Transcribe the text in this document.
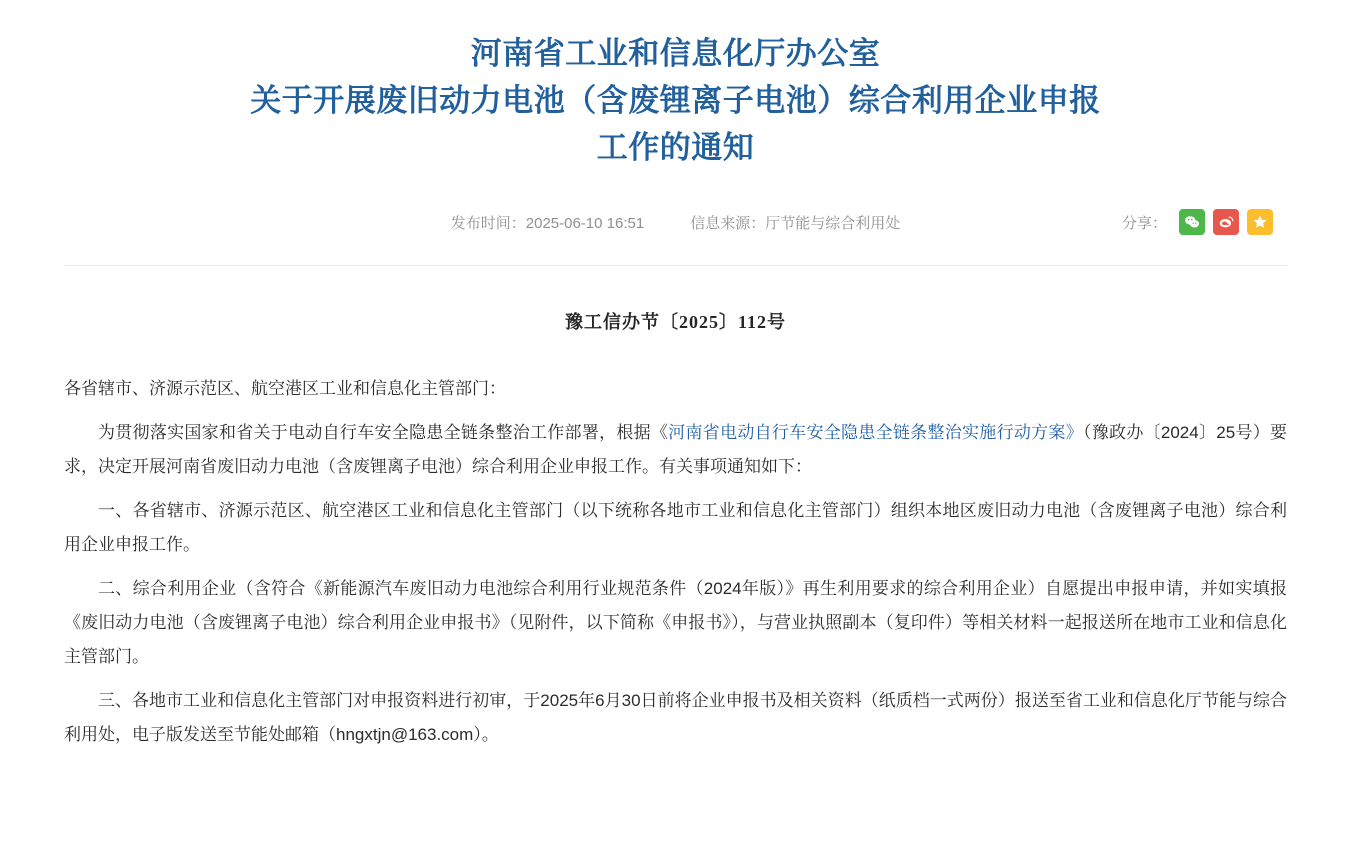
河南省工业和信息化厅办公室
关于开展废旧动力电池（含废锂离子电池）综合利用企业申报
工作的通知
发布时间：2025-06-10 16:51	信息来源：厅节能与综合利用处	分享：
豫工信办节〔2025〕112号

各省辖市、济源示范区、航空港区工业和信息化主管部门：

为贯彻落实国家和省关于电动自行车安全隐患全链条整治工作部署，根据《河南省电动自行车安全隐患全链条整治实施行动方案》（豫政办〔2024〕25号）要求，决定开展河南省废旧动力电池（含废锂离子电池）综合利用企业申报工作。有关事项通知如下：

一、各省辖市、济源示范区、航空港区工业和信息化主管部门（以下统称各地市工业和信息化主管部门）组织本地区废旧动力电池（含废锂离子电池）综合利用企业申报工作。

二、综合利用企业（含符合《新能源汽车废旧动力电池综合利用行业规范条件（2024年版）》再生利用要求的综合利用企业）自愿提出申报申请，并如实填报《废旧动力电池（含废锂离子电池）综合利用企业申报书》（见附件，以下简称《申报书》），与营业执照副本（复印件）等相关材料一起报送所在地市工业和信息化主管部门。

三、各地市工业和信息化主管部门对申报资料进行初审，于2025年6月30日前将企业申报书及相关资料（纸质档一式两份）报送至省工业和信息化厅节能与综合利用处，电子版发送至节能处邮箱（hngxtjn@163.com）。
